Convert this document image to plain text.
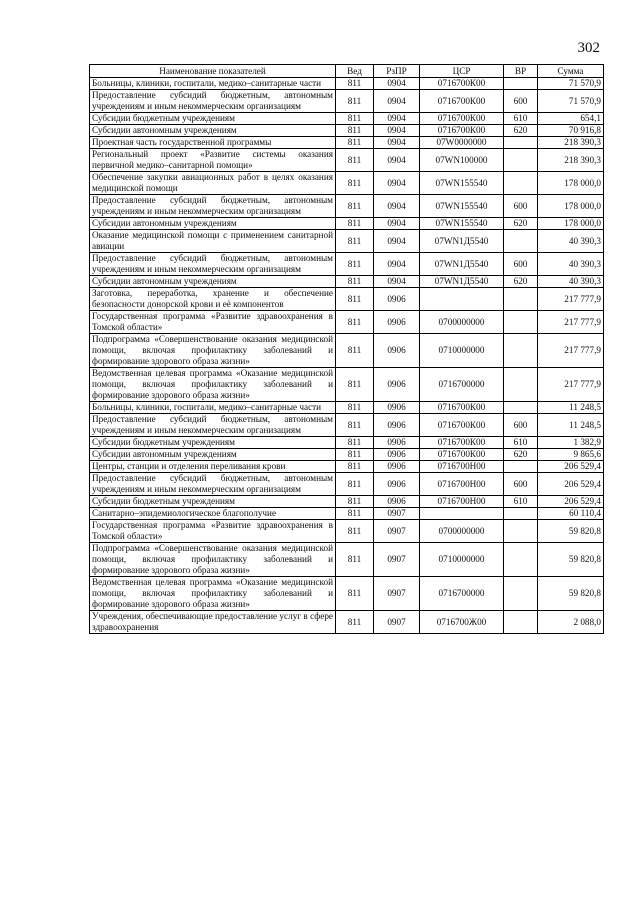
302
Наименование показателей	Вед	РзПР	ЦСР	ВР	Сумма
Больницы, клиники, госпитали, медико–санитарные части	811	0904	0716700К00		71 570,9
Предоставление субсидий бюджетным, автономным учреждениям и иным некоммерческим организациям	811	0904	0716700К00	600	71 570,9
Субсидии бюджетным учреждениям	811	0904	0716700К00	610	654,1
Субсидии автономным учреждениям	811	0904	0716700К00	620	70 916,8
Проектная часть государственной программы	811	0904	07W0000000		218 390,3
Региональный проект «Развитие системы оказания первичной медико–санитарной помощи»	811	0904	07WN100000		218 390,3
Обеспечение закупки авиационных работ в целях оказания медицинской помощи	811	0904	07WN155540		178 000,0
Предоставление субсидий бюджетным, автономным учреждениям и иным некоммерческим организациям	811	0904	07WN155540	600	178 000,0
Субсидии автономным учреждениям	811	0904	07WN155540	620	178 000,0
Оказание медицинской помощи с применением санитарной авиации	811	0904	07WN1Д5540		40 390,3
Предоставление субсидий бюджетным, автономным учреждениям и иным некоммерческим организациям	811	0904	07WN1Д5540	600	40 390,3
Субсидии автономным учреждениям	811	0904	07WN1Д5540	620	40 390,3
Заготовка, переработка, хранение и обеспечение безопасности донорской крови и её компонентов	811	0906			217 777,9
Государственная программа «Развитие здравоохранения в Томской области»	811	0906	0700000000		217 777,9
Подпрограмма «Совершенствование оказания медицинской помощи, включая профилактику заболеваний и формирование здорового образа жизни»	811	0906	0710000000		217 777,9
Ведомственная целевая программа «Оказание медицинской помощи, включая профилактику заболеваний и формирование здорового образа жизни»	811	0906	0716700000		217 777,9
Больницы, клиники, госпитали, медико–санитарные части	811	0906	0716700К00		11 248,5
Предоставление субсидий бюджетным, автономным учреждениям и иным некоммерческим организациям	811	0906	0716700К00	600	11 248,5
Субсидии бюджетным учреждениям	811	0906	0716700К00	610	1 382,9
Субсидии автономным учреждениям	811	0906	0716700К00	620	9 865,6
Центры, станции и отделения переливания крови	811	0906	0716700Н00		206 529,4
Предоставление субсидий бюджетным, автономным учреждениям и иным некоммерческим организациям	811	0906	0716700Н00	600	206 529,4
Субсидии бюджетным учреждениям	811	0906	0716700Н00	610	206 529,4
Санитарно–эпидемиологическое благополучие	811	0907			60 110,4
Государственная программа «Развитие здравоохранения в Томской области»	811	0907	0700000000		59 820,8
Подпрограмма «Совершенствование оказания медицинской помощи, включая профилактику заболеваний и формирование здорового образа жизни»	811	0907	0710000000		59 820,8
Ведомственная целевая программа «Оказание медицинской помощи, включая профилактику заболеваний и формирование здорового образа жизни»	811	0907	0716700000		59 820,8
Учреждения, обеспечивающие предоставление услуг в сфере здравоохранения	811	0907	0716700Ж00		2 088,0
